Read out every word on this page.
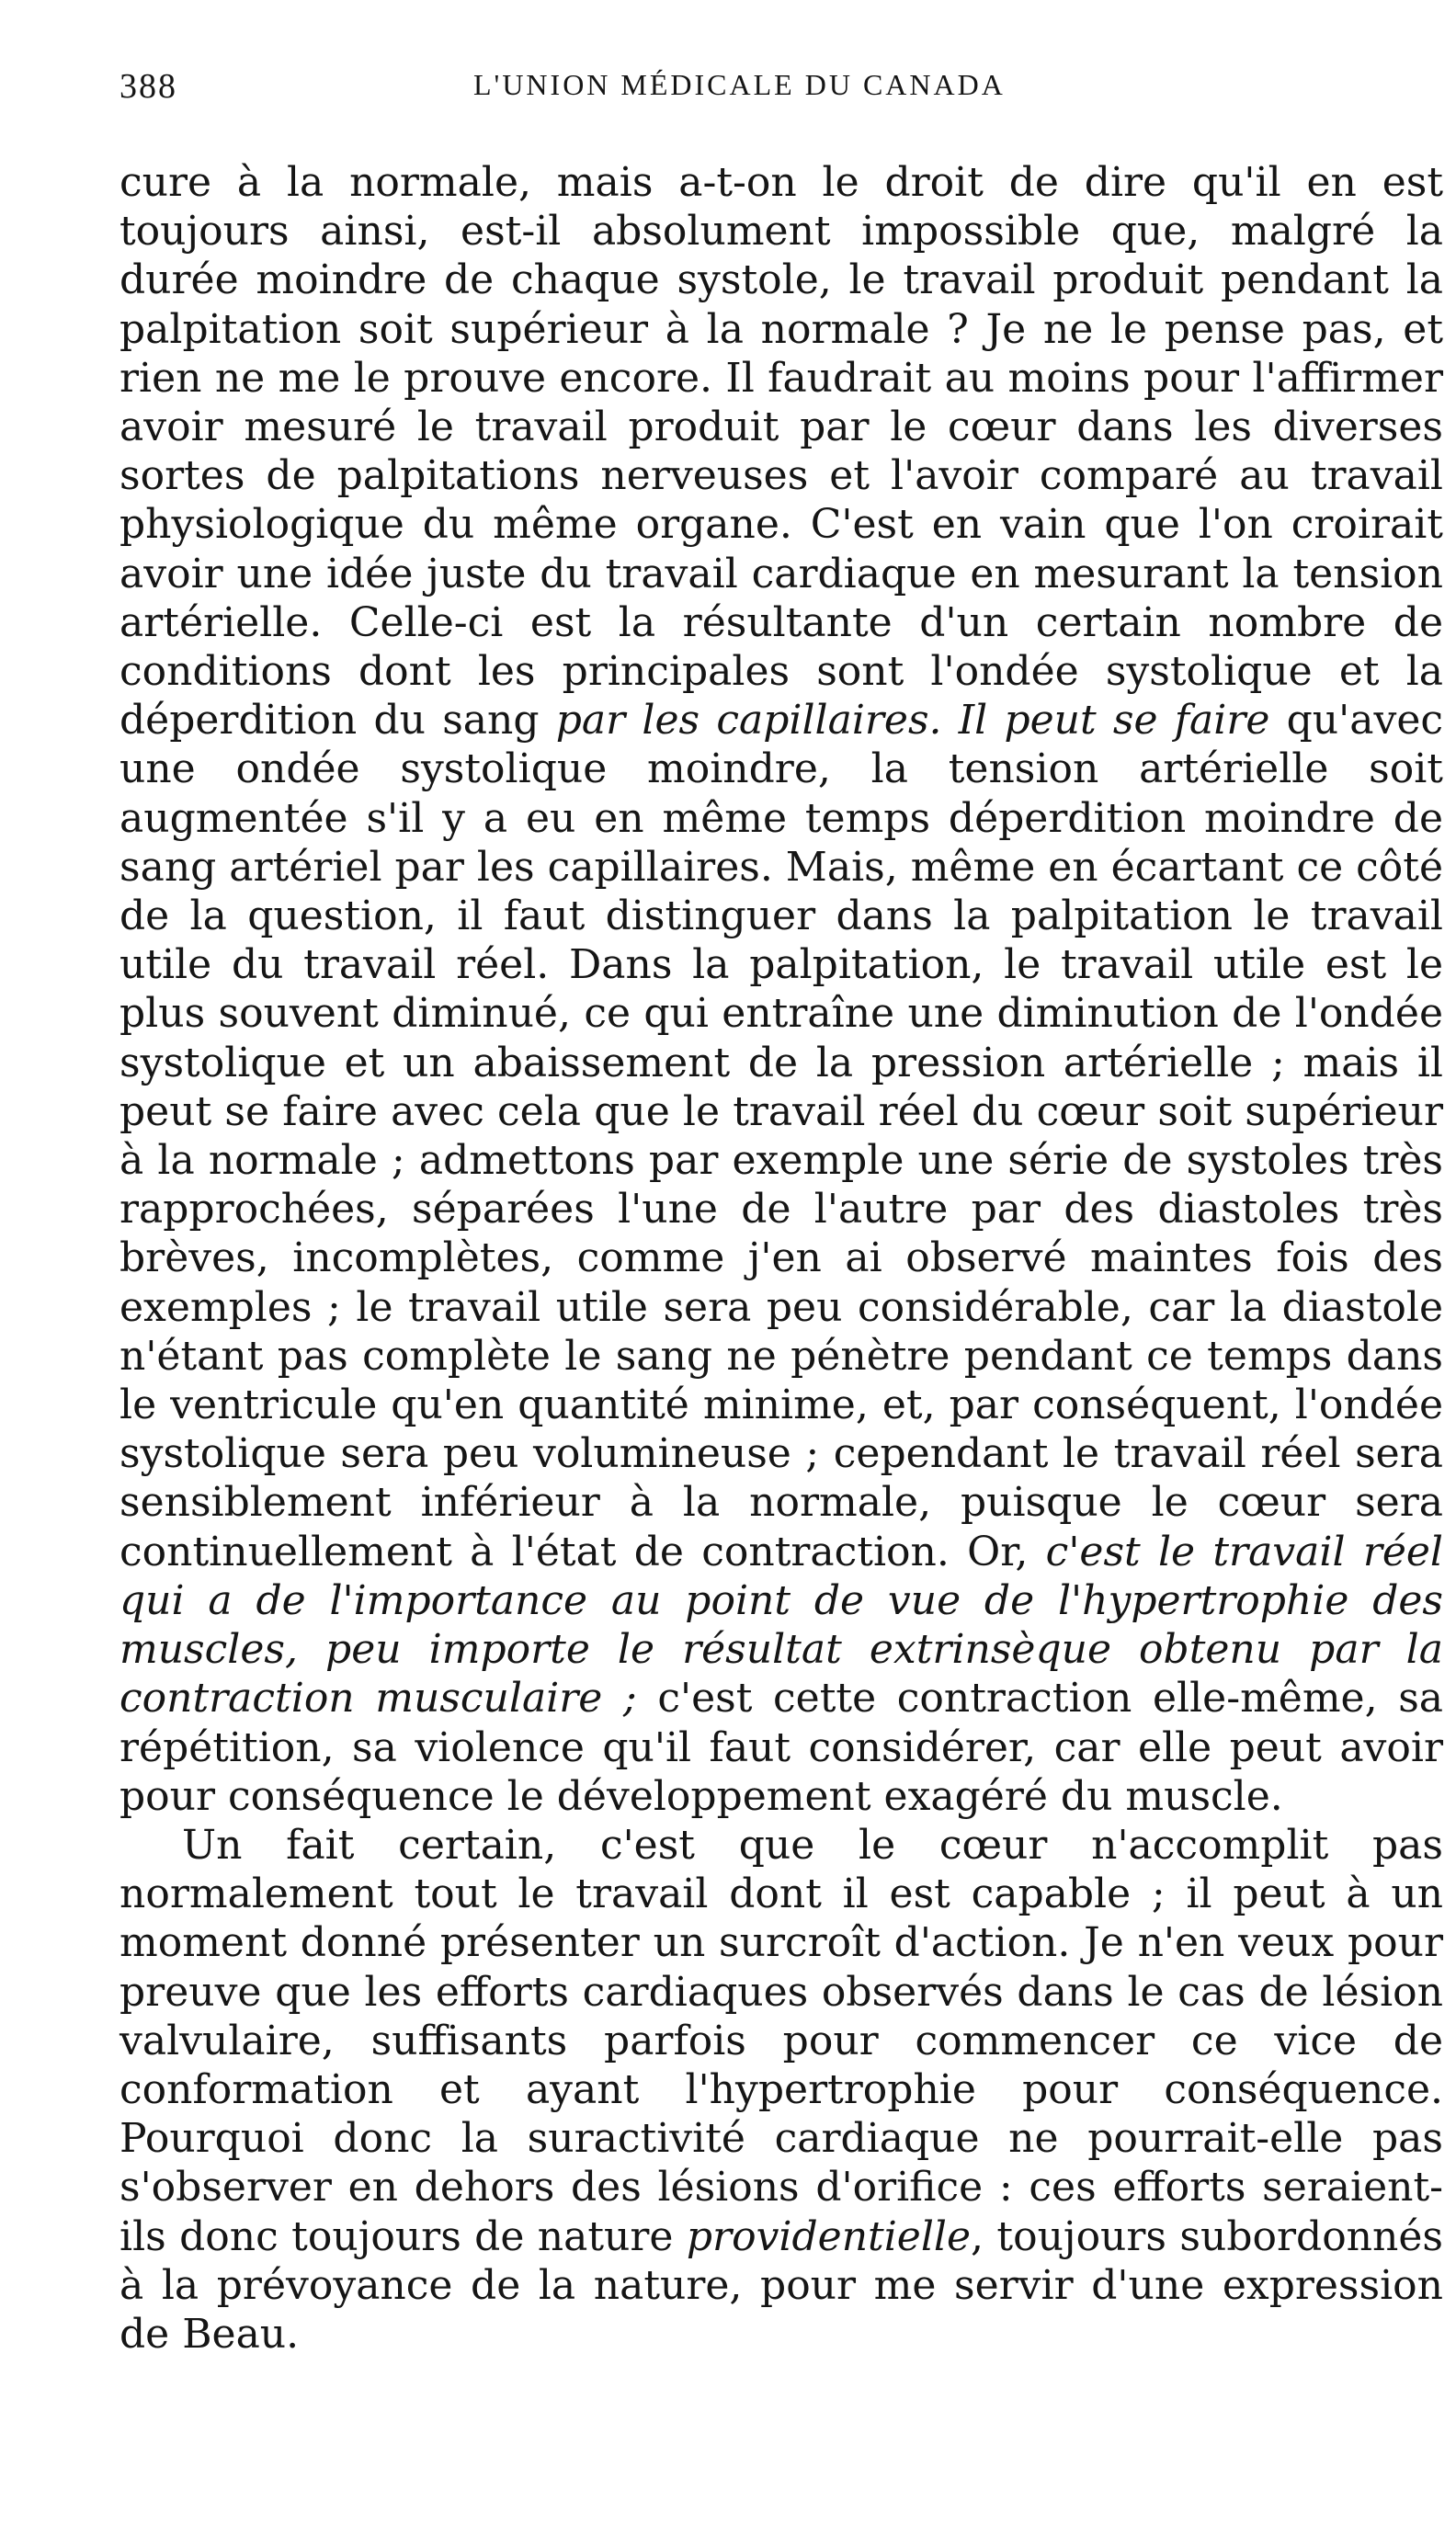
388	L'UNION MÉDICALE DU CANADA

cure à la normale, mais a-t-on le droit de dire qu'il en est toujours ainsi, est-il absolument impossible que, malgré la durée moindre de chaque systole, le travail produit pendant la palpitation soit supérieur à la normale ? Je ne le pense pas, et rien ne me le prouve encore. Il faudrait au moins pour l'affirmer avoir mesuré le travail produit par le cœur dans les diverses sortes de palpitations nerveuses et l'avoir comparé au travail physiologique du même organe. C'est en vain que l'on croirait avoir une idée juste du travail cardiaque en mesurant la tension artérielle. Celle-ci est la résultante d'un certain nombre de conditions dont les principales sont l'ondée systolique et la déperdition du sang par les capillaires. Il peut se faire qu'avec une ondée systolique moindre, la tension artérielle soit augmentée s'il y a eu en même temps déperdition moindre de sang artériel par les capillaires. Mais, même en écartant ce côté de la question, il faut distinguer dans la palpitation le travail utile du travail réel. Dans la palpitation, le travail utile est le plus souvent diminué, ce qui entraîne une diminution de l'ondée systolique et un abaissement de la pression artérielle ; mais il peut se faire avec cela que le travail réel du cœur soit supérieur à la normale ; admettons par exemple une série de systoles très rapprochées, séparées l'une de l'autre par des diastoles très brèves, incomplètes, comme j'en ai observé maintes fois des exemples ; le travail utile sera peu considérable, car la diastole n'étant pas complète le sang ne pénètre pendant ce temps dans le ventricule qu'en quantité minime, et, par conséquent, l'ondée systolique sera peu volumineuse ; cependant le travail réel sera sensiblement inférieur à la normale, puisque le cœur sera continuellement à l'état de contraction. Or, c'est le travail réel qui a de l'importance au point de vue de l'hypertrophie des muscles, peu importe le résultat extrinsèque obtenu par la contraction musculaire ; c'est cette contraction elle-même, sa répétition, sa violence qu'il faut considérer, car elle peut avoir pour conséquence le développement exagéré du muscle.

Un fait certain, c'est que le cœur n'accomplit pas normalement tout le travail dont il est capable ; il peut à un moment donné présenter un surcroît d'action. Je n'en veux pour preuve que les efforts cardiaques observés dans le cas de lésion valvulaire, suffisants parfois pour commencer ce vice de conformation et ayant l'hypertrophie pour conséquence. Pourquoi donc la suractivité cardiaque ne pourrait-elle pas s'observer en dehors des lésions d'orifice : ces efforts seraient-ils donc toujours de nature providentielle, toujours subordonnés à la prévoyance de la nature, pour me servir d'une expression de Beau.
